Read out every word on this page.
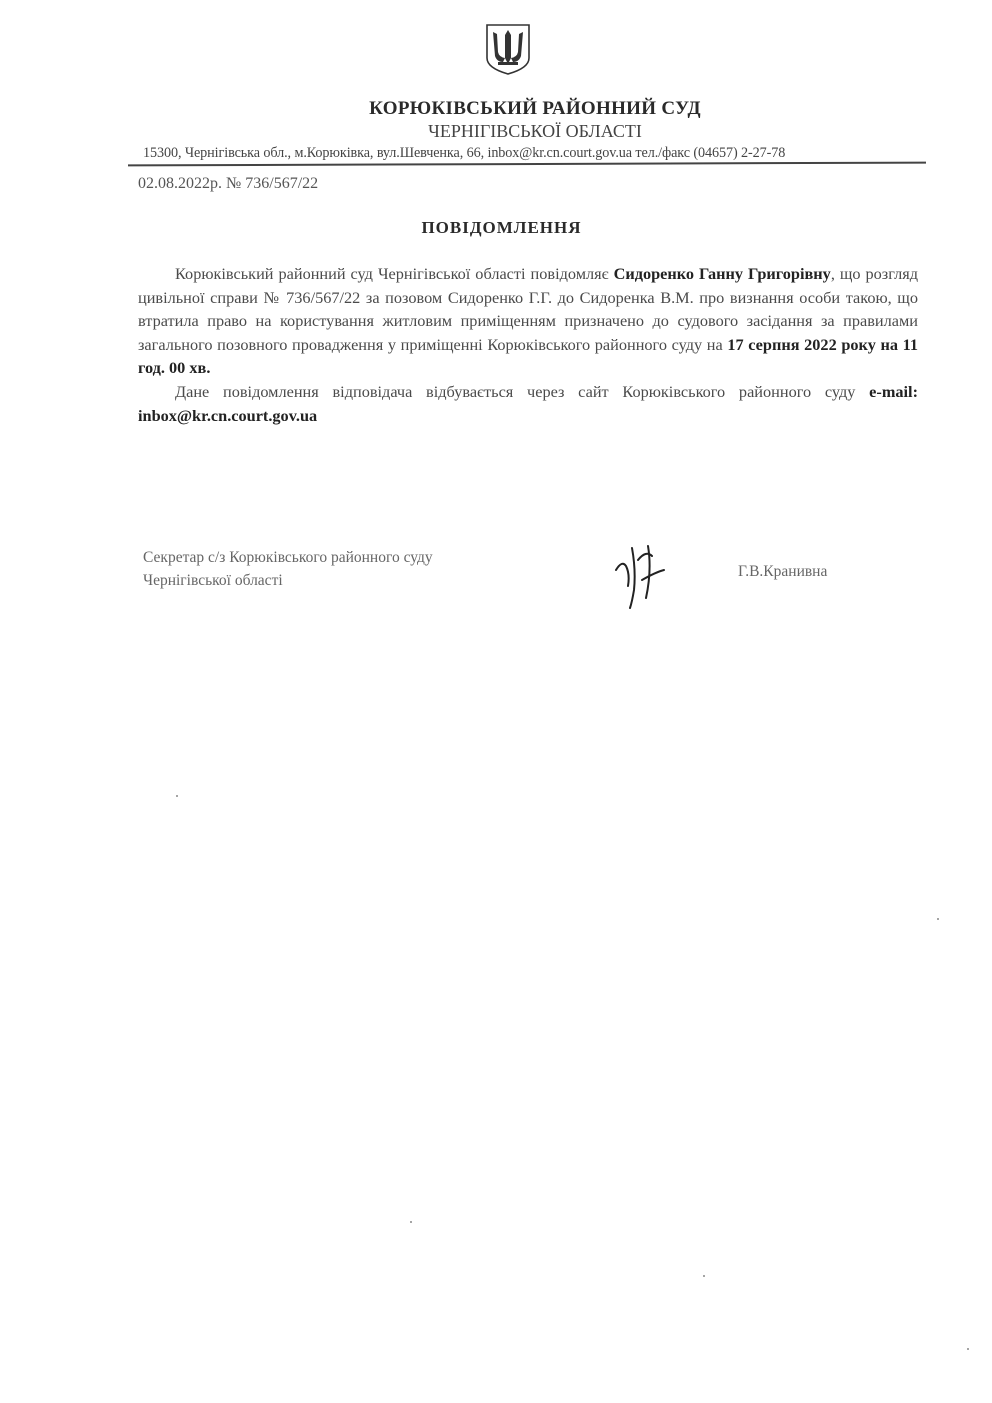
КОРЮКІВСЬКИЙ РАЙОННИЙ СУД
ЧЕРНІГІВСЬКОЇ ОБЛАСТІ
15300, Чернігівська обл., м.Корюківка, вул.Шевченка, 66, inbox@kr.cn.court.gov.ua тел./факс (04657) 2-27-78
02.08.2022р. № 736/567/22
ПОВІДОМЛЕННЯ

Корюківський районний суд Чернігівської області повідомляє Сидоренко Ганну Григорівну, що розгляд цивільної справи № 736/567/22 за позовом Сидоренко Г.Г. до Сидоренка В.М. про визнання особи такою, що втратила право на користування житловим приміщенням призначено до судового засідання за правилами загального позовного провадження у приміщенні Корюківського районного суду на 17 серпня 2022 року на 11 год. 00 хв.

Дане повідомлення відповідача відбувається через сайт Корюківського районного суду e-mail: inbox@kr.cn.court.gov.ua

Секретар с/з Корюківського районного суду
Чернігівської області
Г.В.Кранивна
